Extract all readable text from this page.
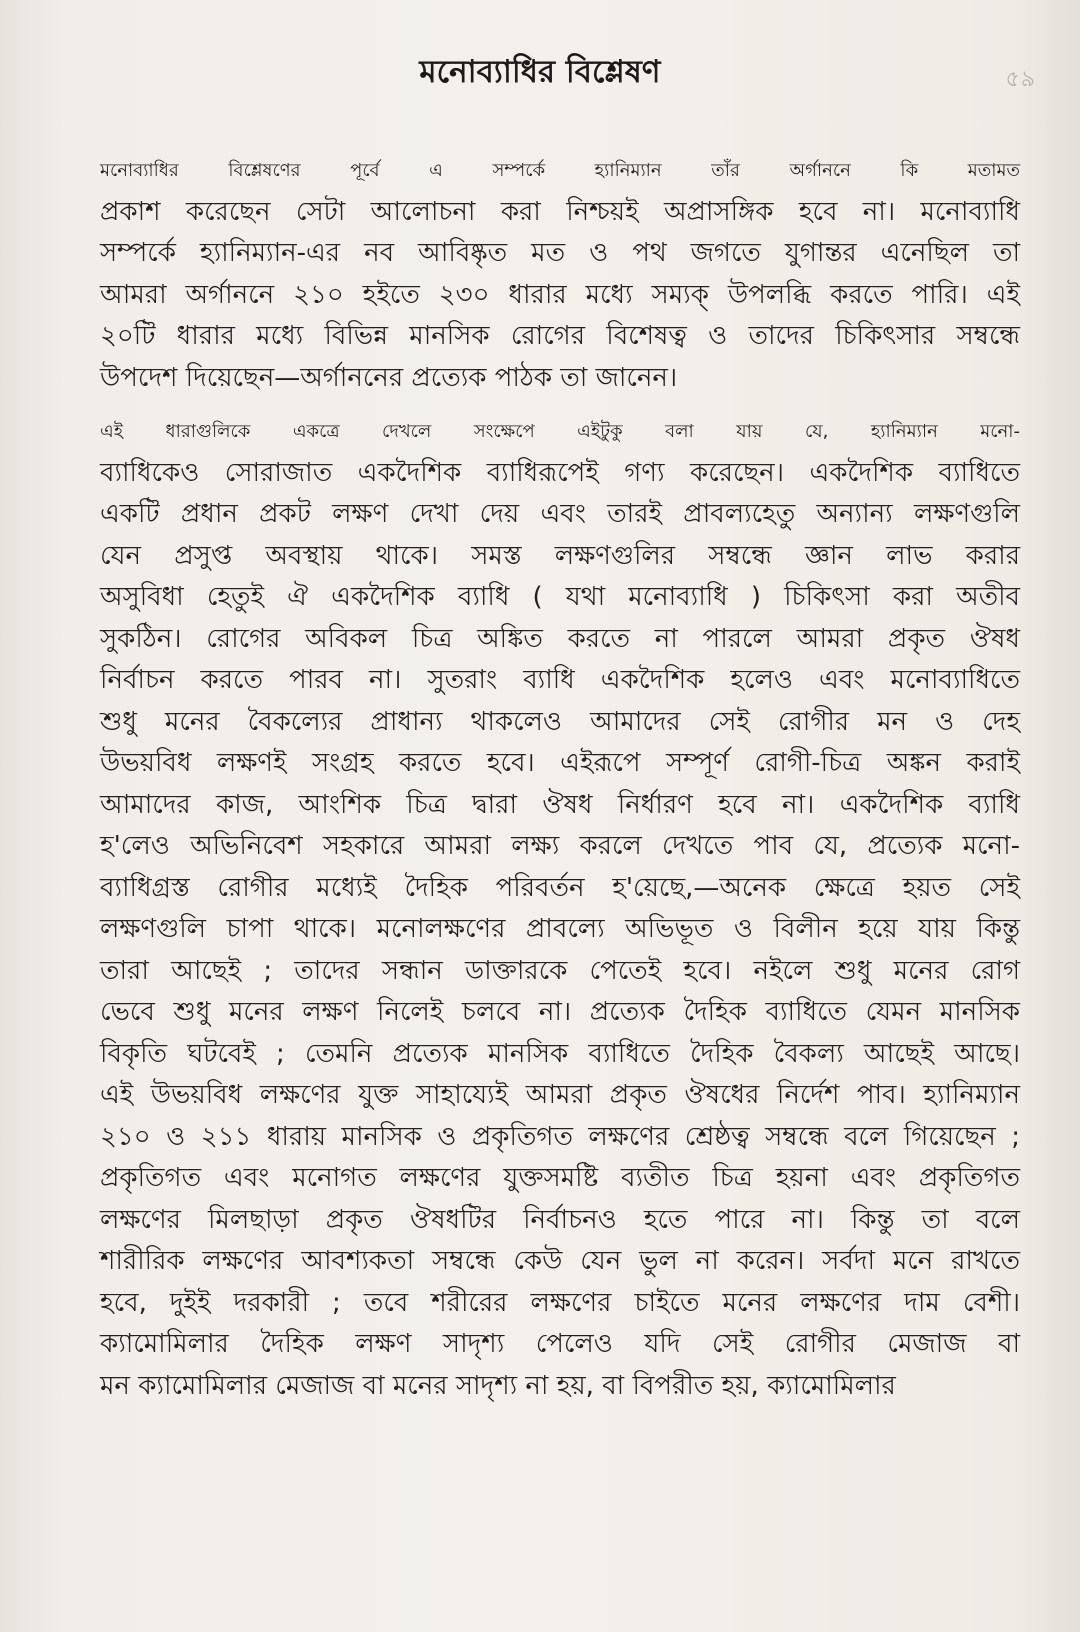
৫৯
মনোব্যাধির বিশ্লেষণ

মনোব্যাধির বিশ্লেষণের পূর্বে এ সম্পর্কে হ্যানিম্যান তাঁর অর্গাননে কি মতামত
প্রকাশ করেছেন সেটা আলোচনা করা নিশ্চয়ই অপ্রাসঙ্গিক হবে না। মনোব্যাধি
সম্পর্কে হ্যানিম্যান-এর নব আবিষ্কৃত মত ও পথ জগতে যুগান্তর এনেছিল তা
আমরা অর্গাননে ২১০ হইতে ২৩০ ধারার মধ্যে সম্যক্ উপলব্ধি করতে পারি। এই
২০টি ধারার মধ্যে বিভিন্ন মানসিক রোগের বিশেষত্ব ও তাদের চিকিৎসার সম্বন্ধে
উপদেশ দিয়েছেন—অর্গাননের প্রত্যেক পাঠক তা জানেন।

এই ধারাগুলিকে একত্রে দেখলে সংক্ষেপে এইটুকু বলা যায় যে, হ্যানিম্যান মনো-
ব্যাধিকেও সোরাজাত একদৈশিক ব্যাধিরূপেই গণ্য করেছেন। একদৈশিক ব্যাধিতে
একটি প্রধান প্রকট লক্ষণ দেখা দেয় এবং তারই প্রাবল্যহেতু অন্যান্য লক্ষণগুলি
যেন প্রসুপ্ত অবস্থায় থাকে। সমস্ত লক্ষণগুলির সম্বন্ধে জ্ঞান লাভ করার
অসুবিধা হেতুই ঐ একদৈশিক ব্যাধি ( যথা মনোব্যাধি ) চিকিৎসা করা অতীব
সুকঠিন। রোগের অবিকল চিত্র অঙ্কিত করতে না পারলে আমরা প্রকৃত ঔষধ
নির্বাচন করতে পারব না। সুতরাং ব্যাধি একদৈশিক হলেও এবং মনোব্যাধিতে
শুধু মনের বৈকল্যের প্রাধান্য থাকলেও আমাদের সেই রোগীর মন ও দেহ
উভয়বিধ লক্ষণই সংগ্রহ করতে হবে। এইরূপে সম্পূর্ণ রোগী-চিত্র অঙ্কন করাই
আমাদের কাজ, আংশিক চিত্র দ্বারা ঔষধ নির্ধারণ হবে না। একদৈশিক ব্যাধি
হ'লেও অভিনিবেশ সহকারে আমরা লক্ষ্য করলে দেখতে পাব যে, প্রত্যেক মনো-
ব্যাধিগ্রস্ত রোগীর মধ্যেই দৈহিক পরিবর্তন হ'য়েছে,—অনেক ক্ষেত্রে হয়ত সেই
লক্ষণগুলি চাপা থাকে। মনোলক্ষণের প্রাবল্যে অভিভূত ও বিলীন হয়ে যায় কিন্তু
তারা আছেই ; তাদের সন্ধান ডাক্তারকে পেতেই হবে। নইলে শুধু মনের রোগ
ভেবে শুধু মনের লক্ষণ নিলেই চলবে না। প্রত্যেক দৈহিক ব্যাধিতে যেমন মানসিক
বিকৃতি ঘটবেই ; তেমনি প্রত্যেক মানসিক ব্যাধিতে দৈহিক বৈকল্য আছেই আছে।
এই উভয়বিধ লক্ষণের যুক্ত সাহায্যেই আমরা প্রকৃত ঔষধের নির্দেশ পাব। হ্যানিম্যান
২১০ ও ২১১ ধারায় মানসিক ও প্রকৃতিগত লক্ষণের শ্রেষ্ঠত্ব সম্বন্ধে বলে গিয়েছেন ;
প্রকৃতিগত এবং মনোগত লক্ষণের যুক্তসমষ্টি ব্যতীত চিত্র হয়না এবং প্রকৃতিগত
লক্ষণের মিলছাড়া প্রকৃত ঔষধটির নির্বাচনও হতে পারে না। কিন্তু তা বলে
শারীরিক লক্ষণের আবশ্যকতা সম্বন্ধে কেউ যেন ভুল না করেন। সর্বদা মনে রাখতে
হবে, দুইই দরকারী ; তবে শরীরের লক্ষণের চাইতে মনের লক্ষণের দাম বেশী।
ক্যামোমিলার দৈহিক লক্ষণ সাদৃশ্য পেলেও যদি সেই রোগীর মেজাজ বা
মন ক্যামোমিলার মেজাজ বা মনের সাদৃশ্য না হয়, বা বিপরীত হয়, ক্যামোমিলার
